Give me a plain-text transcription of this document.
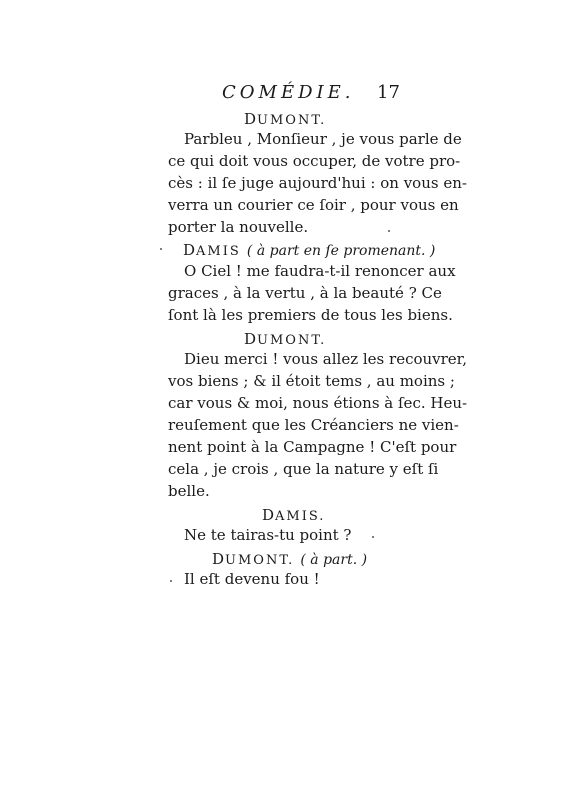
COMÉDIE. 17
DUMONT.
Parbleu , Monſieur , je vous parle de
ce qui doit vous occuper, de votre pro-
cès : il ſe juge aujourd'hui : on vous en-
verra un courier ce ſoir , pour vous en
porter la nouvelle.
DAMIS ( à part en ſe promenant. )
O Ciel ! me faudra-t-il renoncer aux
graces , à la vertu , à la beauté ? Ce
ſont là les premiers de tous les biens.
DUMONT.
Dieu merci ! vous allez les recouvrer,
vos biens ; & il étoit tems , au moins ;
car vous & moi, nous étions à ſec. Heu-
reuſement que les Créanciers ne vien-
nent point à la Campagne ! C'eſt pour
cela , je crois , que la nature y eſt ſi
belle.
DAMIS.
Ne te tairas-tu point ?
DUMONT. ( à part. )
Il eſt devenu fou !
